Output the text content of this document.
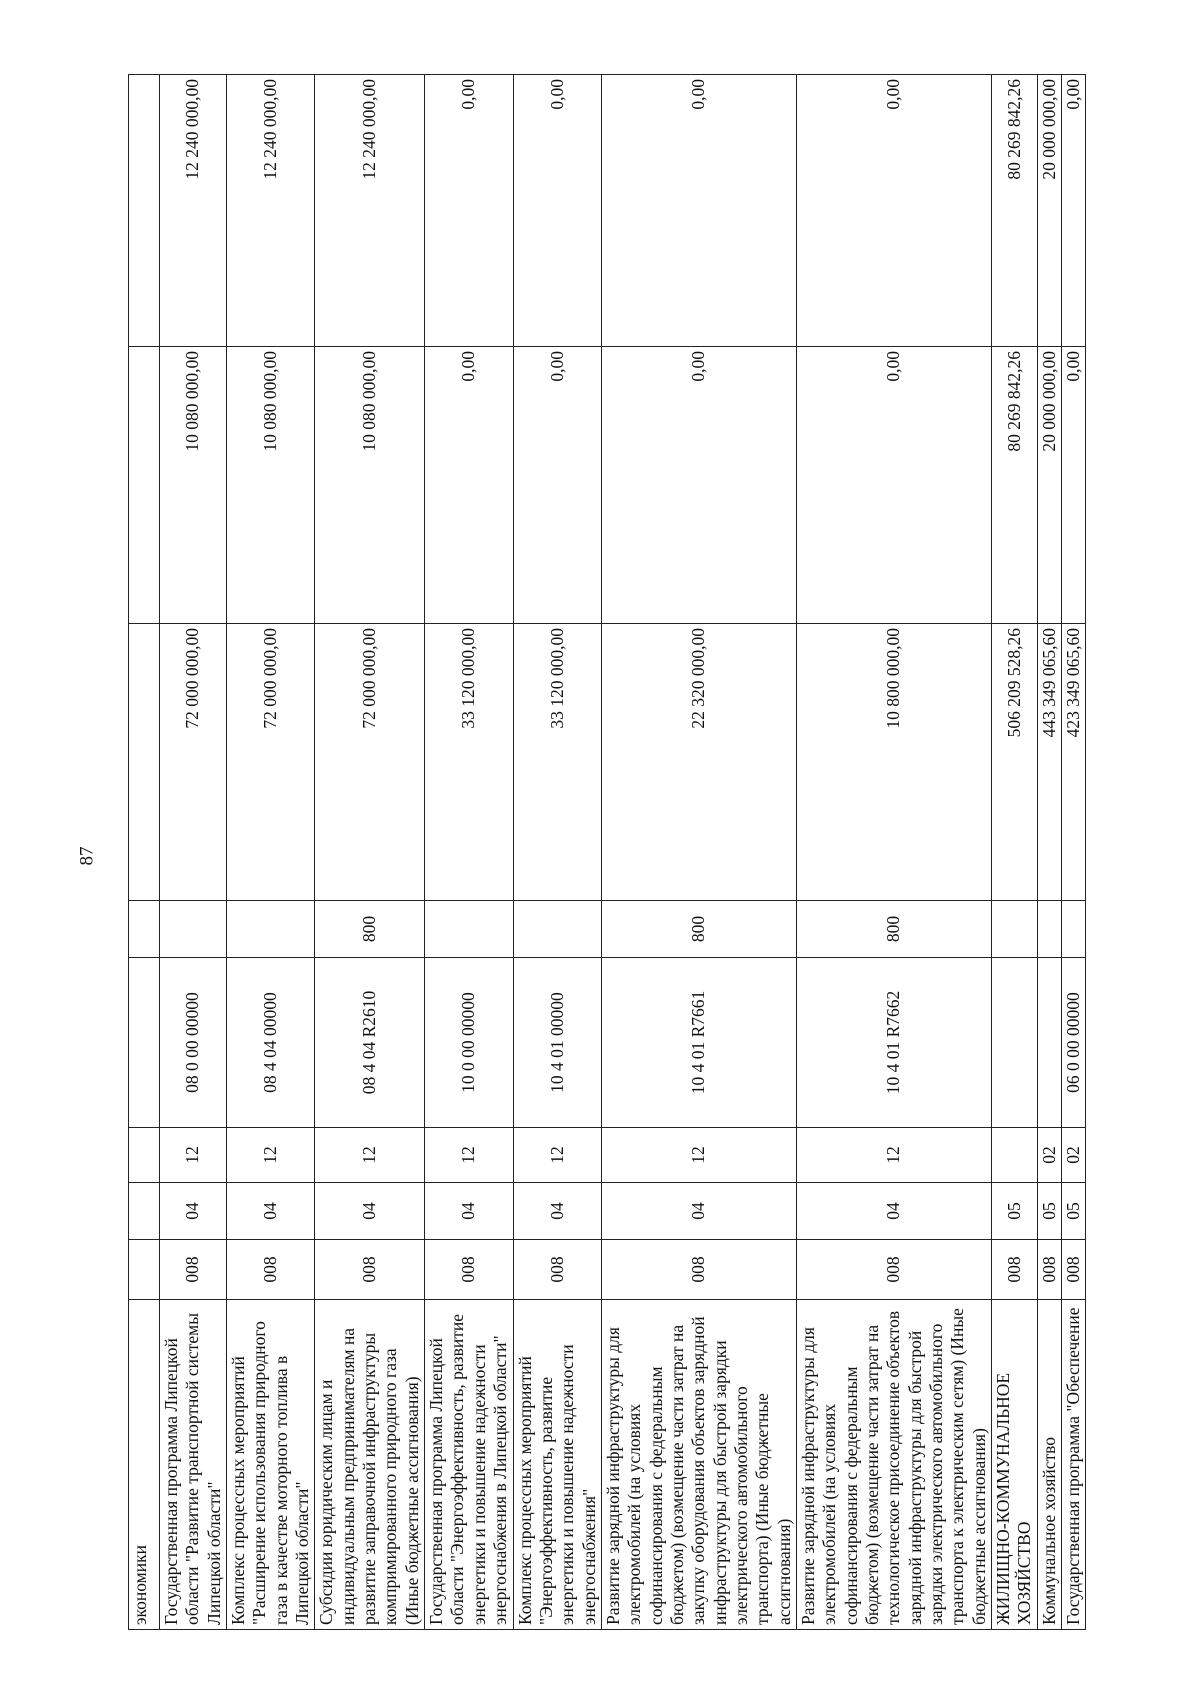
87
экономики								
Государственная программа Липецкой области "Развитие транспортной системы Липецкой области"	008	04	12	08 0 00 00000		72 000 000,00	10 080 000,00	12 240 000,00
Комплекс процессных мероприятий "Расширение использования природного газа в качестве моторного топлива в Липецкой области"	008	04	12	08 4 04 00000		72 000 000,00	10 080 000,00	12 240 000,00
Субсидии юридическим лицам и индивидуальным предпринимателям на развитие заправочной инфраструктуры компримированного природного газа (Иные бюджетные ассигнования)	008	04	12	08 4 04 R2610	800	72 000 000,00	10 080 000,00	12 240 000,00
Государственная программа Липецкой области "Энергоэффективность, развитие энергетики и повышение надежности энергоснабжения в Липецкой области"	008	04	12	10 0 00 00000		33 120 000,00	0,00	0,00
Комплекс процессных мероприятий "Энергоэффективность, развитие энергетики и повышение надежности энергоснабжения"	008	04	12	10 4 01 00000		33 120 000,00	0,00	0,00
Развитие зарядной инфраструктуры для электромобилей (на условиях софинансирования с федеральным бюджетом) (возмещение части затрат на закупку оборудования объектов зарядной инфраструктуры для быстрой зарядки электрического автомобильного транспорта) (Иные бюджетные ассигнования)	008	04	12	10 4 01 R7661	800	22 320 000,00	0,00	0,00
Развитие зарядной инфраструктуры для электромобилей (на условиях софинансирования с федеральным бюджетом) (возмещение части затрат на технологическое присоединение объектов зарядной инфраструктуры для быстрой зарядки электрического автомобильного транспорта к электрическим сетям) (Иные бюджетные ассигнования)	008	04	12	10 4 01 R7662	800	10 800 000,00	0,00	0,00
ЖИЛИЩНО-КОММУНАЛЬНОЕ ХОЗЯЙСТВО	008	05				506 209 528,26	80 269 842,26	80 269 842,26
Коммунальное хозяйство	008	05	02			443 349 065,60	20 000 000,00	20 000 000,00
Государственная программа "Обеспечение	008	05	02	06 0 00 00000		423 349 065,60	0,00	0,00
